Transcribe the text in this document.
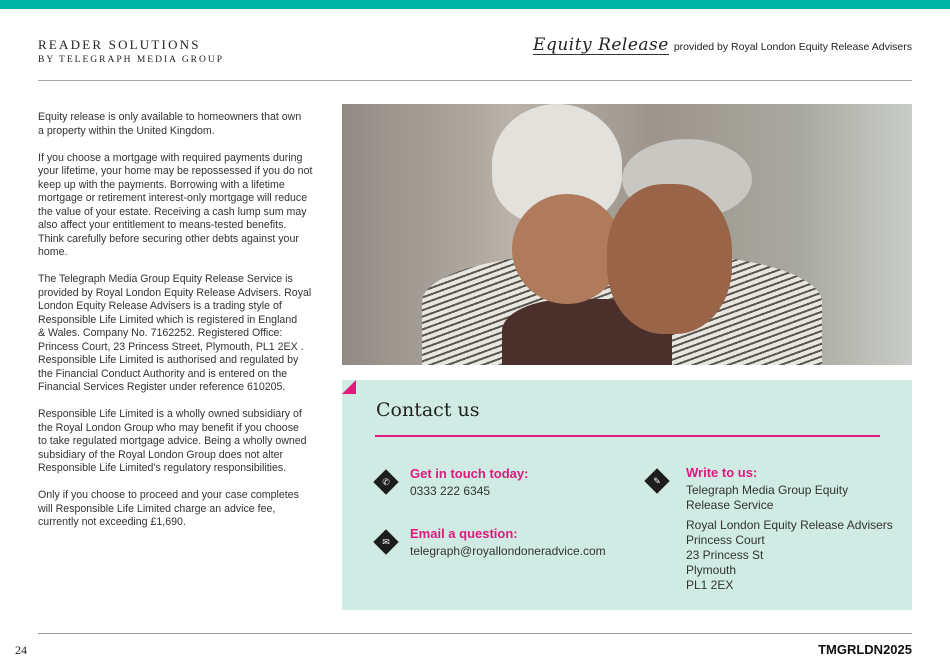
READER SOLUTIONS
BY TELEGRAPH MEDIA GROUP
Equity Release provided by Royal London Equity Release Advisers

Equity release is only available to homeowners that own
a property within the United Kingdom.

If you choose a mortgage with required payments during
your lifetime, your home may be repossessed if you do not
keep up with the payments. Borrowing with a lifetime
mortgage or retirement interest-only mortgage will reduce
the value of your estate. Receiving a cash lump sum may
also affect your entitlement to means-tested benefits.
Think carefully before securing other debts against your
home.

The Telegraph Media Group Equity Release Service is
provided by Royal London Equity Release Advisers. Royal
London Equity Release Advisers is a trading style of
Responsible Life Limited which is registered in England
& Wales. Company No. 7162252. Registered Office:
Princess Court, 23 Princess Street, Plymouth, PL1 2EX .
Responsible Life Limited is authorised and regulated by
the Financial Conduct Authority and is entered on the
Financial Services Register under reference 610205.

Responsible Life Limited is a wholly owned subsidiary of
the Royal London Group who may benefit if you choose
to take regulated mortgage advice. Being a wholly owned
subsidiary of the Royal London Group does not alter
Responsible Life Limited's regulatory responsibilities.

Only if you choose to proceed and your case completes
will Responsible Life Limited charge an advice fee,
currently not exceeding £1,690.

Contact us
✆
Get in touch today:
0333 222 6345
✉
Email a question:
telegraph@royallondoneradvice.com
✎
Write to us:
Telegraph Media Group Equity
Release Service
Royal London Equity Release Advisers
Princess Court
23 Princess St
Plymouth
PL1 2EX
24	TMGRLDN2025
